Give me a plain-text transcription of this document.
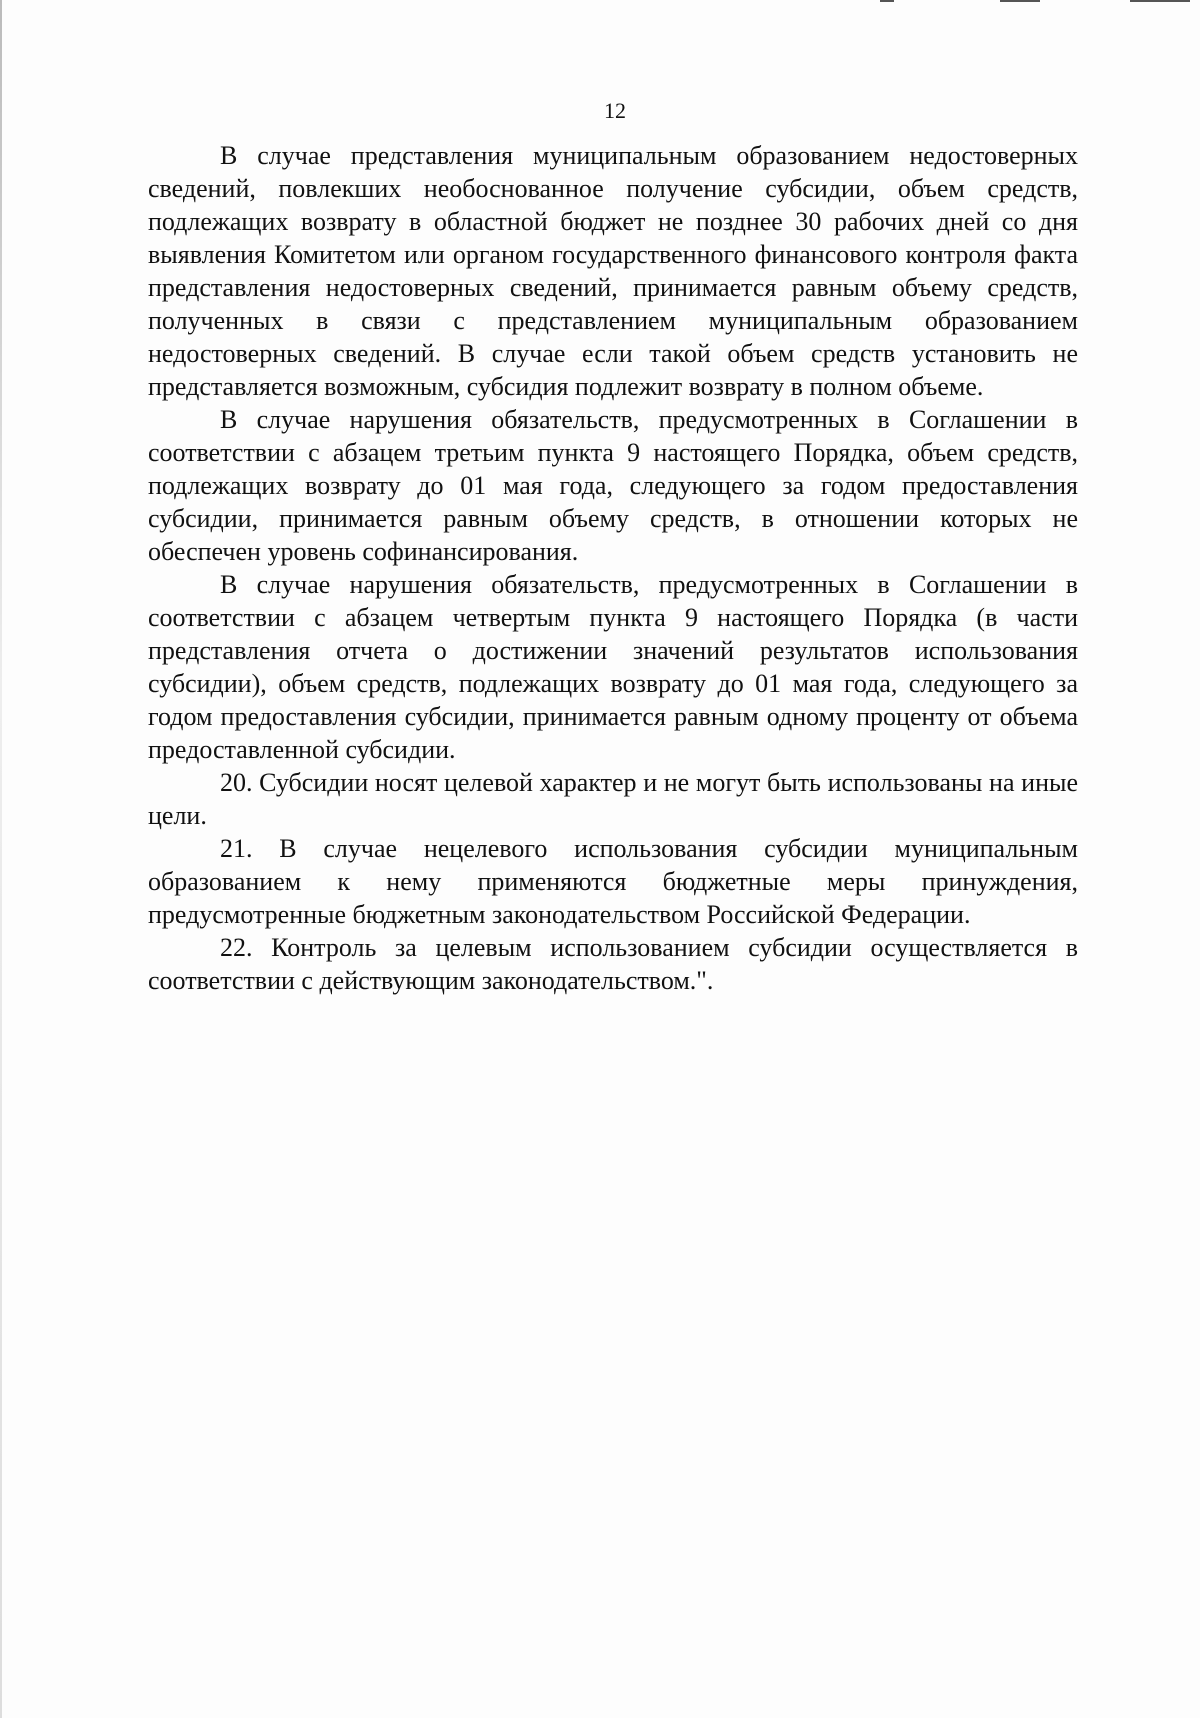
12

В случае представления муниципальным образованием недостоверных сведений, повлекших необоснованное получение субсидии, объем средств, подлежащих возврату в областной бюджет не позднее 30 рабочих дней со дня выявления Комитетом или органом государственного финансового контроля факта представления недостоверных сведений, принимается равным объему средств, полученных в связи с представлением муниципальным образованием недостоверных сведений. В случае если такой объем средств установить не представляется возможным, субсидия подлежит возврату в полном объеме.

В случае нарушения обязательств, предусмотренных в Соглашении в соответствии с абзацем третьим пункта 9 настоящего Порядка, объем средств, подлежащих возврату до 01 мая года, следующего за годом предоставления субсидии, принимается равным объему средств, в отношении которых не обеспечен уровень софинансирования.

В случае нарушения обязательств, предусмотренных в Соглашении в соответствии с абзацем четвертым пункта 9 настоящего Порядка (в части представления отчета о достижении значений результатов использования субсидии), объем средств, подлежащих возврату до 01 мая года, следующего за годом предоставления субсидии, принимается равным одному проценту от объема предоставленной субсидии.

20. Субсидии носят целевой характер и не могут быть использованы на иные цели.

21. В случае нецелевого использования субсидии муниципальным образованием к нему применяются бюджетные меры принуждения, предусмотренные бюджетным законодательством Российской Федерации.

22. Контроль за целевым использованием субсидии осуществляется в соответствии с действующим законодательством.".
